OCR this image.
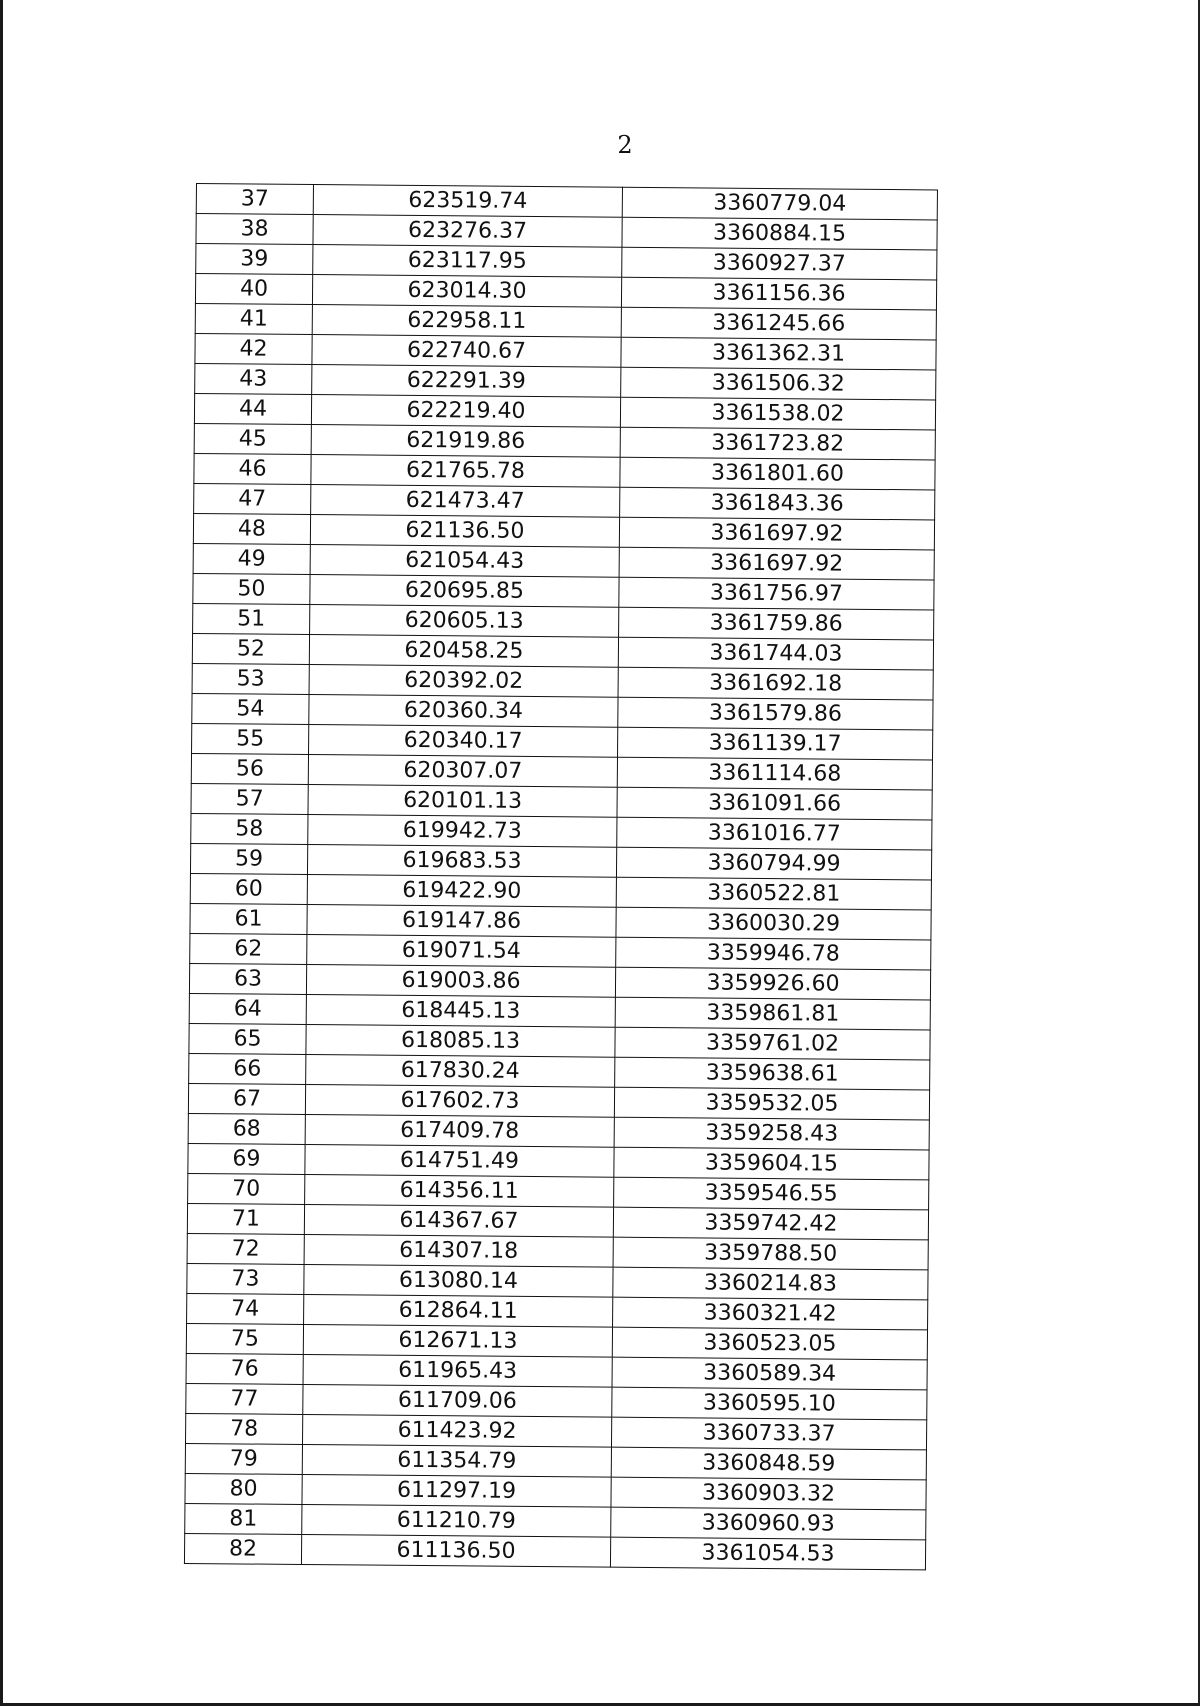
2
37	623519.74	3360779.04
38	623276.37	3360884.15
39	623117.95	3360927.37
40	623014.30	3361156.36
41	622958.11	3361245.66
42	622740.67	3361362.31
43	622291.39	3361506.32
44	622219.40	3361538.02
45	621919.86	3361723.82
46	621765.78	3361801.60
47	621473.47	3361843.36
48	621136.50	3361697.92
49	621054.43	3361697.92
50	620695.85	3361756.97
51	620605.13	3361759.86
52	620458.25	3361744.03
53	620392.02	3361692.18
54	620360.34	3361579.86
55	620340.17	3361139.17
56	620307.07	3361114.68
57	620101.13	3361091.66
58	619942.73	3361016.77
59	619683.53	3360794.99
60	619422.90	3360522.81
61	619147.86	3360030.29
62	619071.54	3359946.78
63	619003.86	3359926.60
64	618445.13	3359861.81
65	618085.13	3359761.02
66	617830.24	3359638.61
67	617602.73	3359532.05
68	617409.78	3359258.43
69	614751.49	3359604.15
70	614356.11	3359546.55
71	614367.67	3359742.42
72	614307.18	3359788.50
73	613080.14	3360214.83
74	612864.11	3360321.42
75	612671.13	3360523.05
76	611965.43	3360589.34
77	611709.06	3360595.10
78	611423.92	3360733.37
79	611354.79	3360848.59
80	611297.19	3360903.32
81	611210.79	3360960.93
82	611136.50	3361054.53
